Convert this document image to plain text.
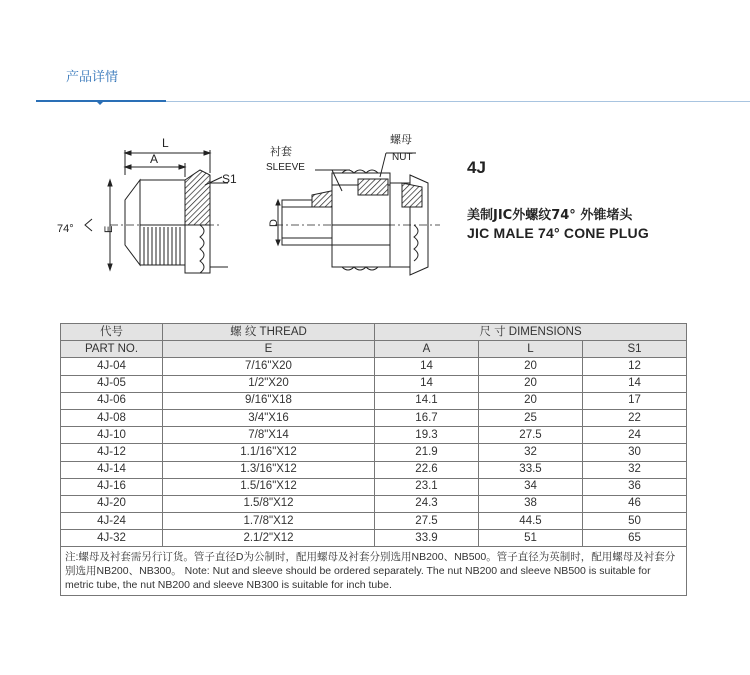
产品详情
L
A
S1
74°	E
D
衬套
SLEEVE
螺母
NUT
4J
美制JIC外螺纹74° 外锥堵头
JIC MALE 74° CONE PLUG
代号	螺 纹 THREAD	尺 寸 DIMENSIONS		
PART NO.	E	A	L	S1
4J-04	7/16"X20	14	20	12
4J-05	1/2"X20	14	20	14
4J-06	9/16"X18	14.1	20	17
4J-08	3/4"X16	16.7	25	22
4J-10	7/8"X14	19.3	27.5	24
4J-12	1.1/16"X12	21.9	32	30
4J-14	1.3/16"X12	22.6	33.5	32
4J-16	1.5/16"X12	23.1	34	36
4J-20	1.5/8"X12	24.3	38	46
4J-24	1.7/8"X12	27.5	44.5	50
4J-32	2.1/2"X12	33.9	51	65
注:螺母及衬套需另行订货。管子直径D为公制时，配用螺母及衬套分别选用NB200、NB500。管子直径为英制时，配用螺母及衬套分别选用NB200、NB300。 Note: Nut and sleeve should be ordered separately. The nut NB200 and sleeve NB500 is suitable for metric tube, the nut NB200 and sleeve NB300 is suitable for inch tube.				
